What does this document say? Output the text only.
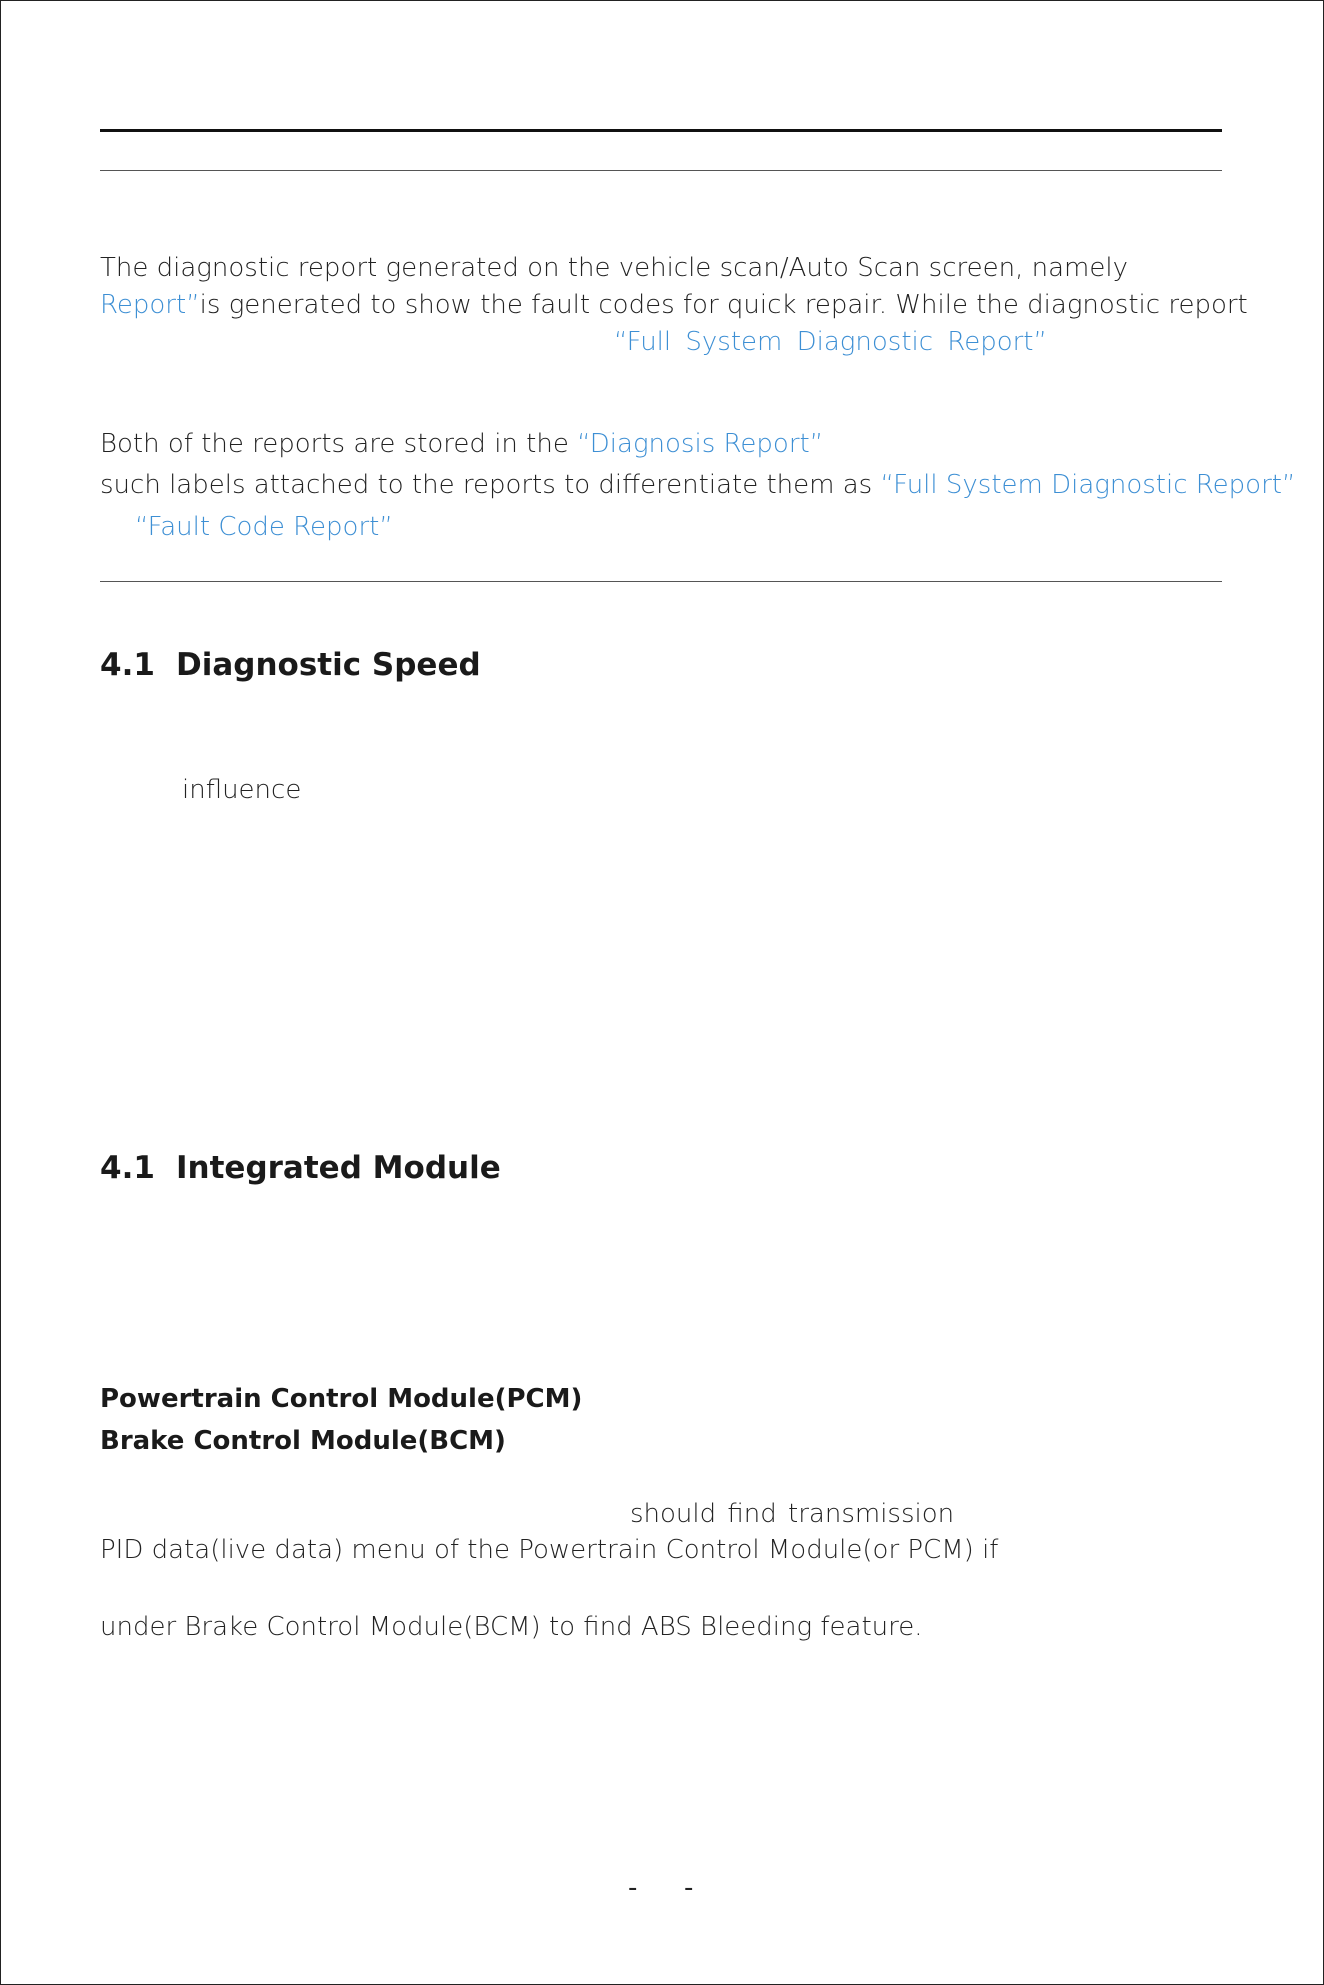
The diagnostic report generated on the vehicle scan/Auto Scan screen, namely
Report” is generated to show the fault codes for quick repair. While the diagnostic report
“Full System Diagnostic Report”
Both of the reports are stored in the “Diagnosis Report”
such labels attached to the reports to differentiate them as “Full System Diagnostic Report”
“Fault Code Report”
4.1 Diagnostic Speed
influence
4.1 Integrated Module
Powertrain Control Module(PCM)
Brake Control Module(BCM)
should find transmission
PID data(live data) menu of the Powertrain Control Module(or PCM) if
under Brake Control Module(BCM) to find ABS Bleeding feature.
- -
